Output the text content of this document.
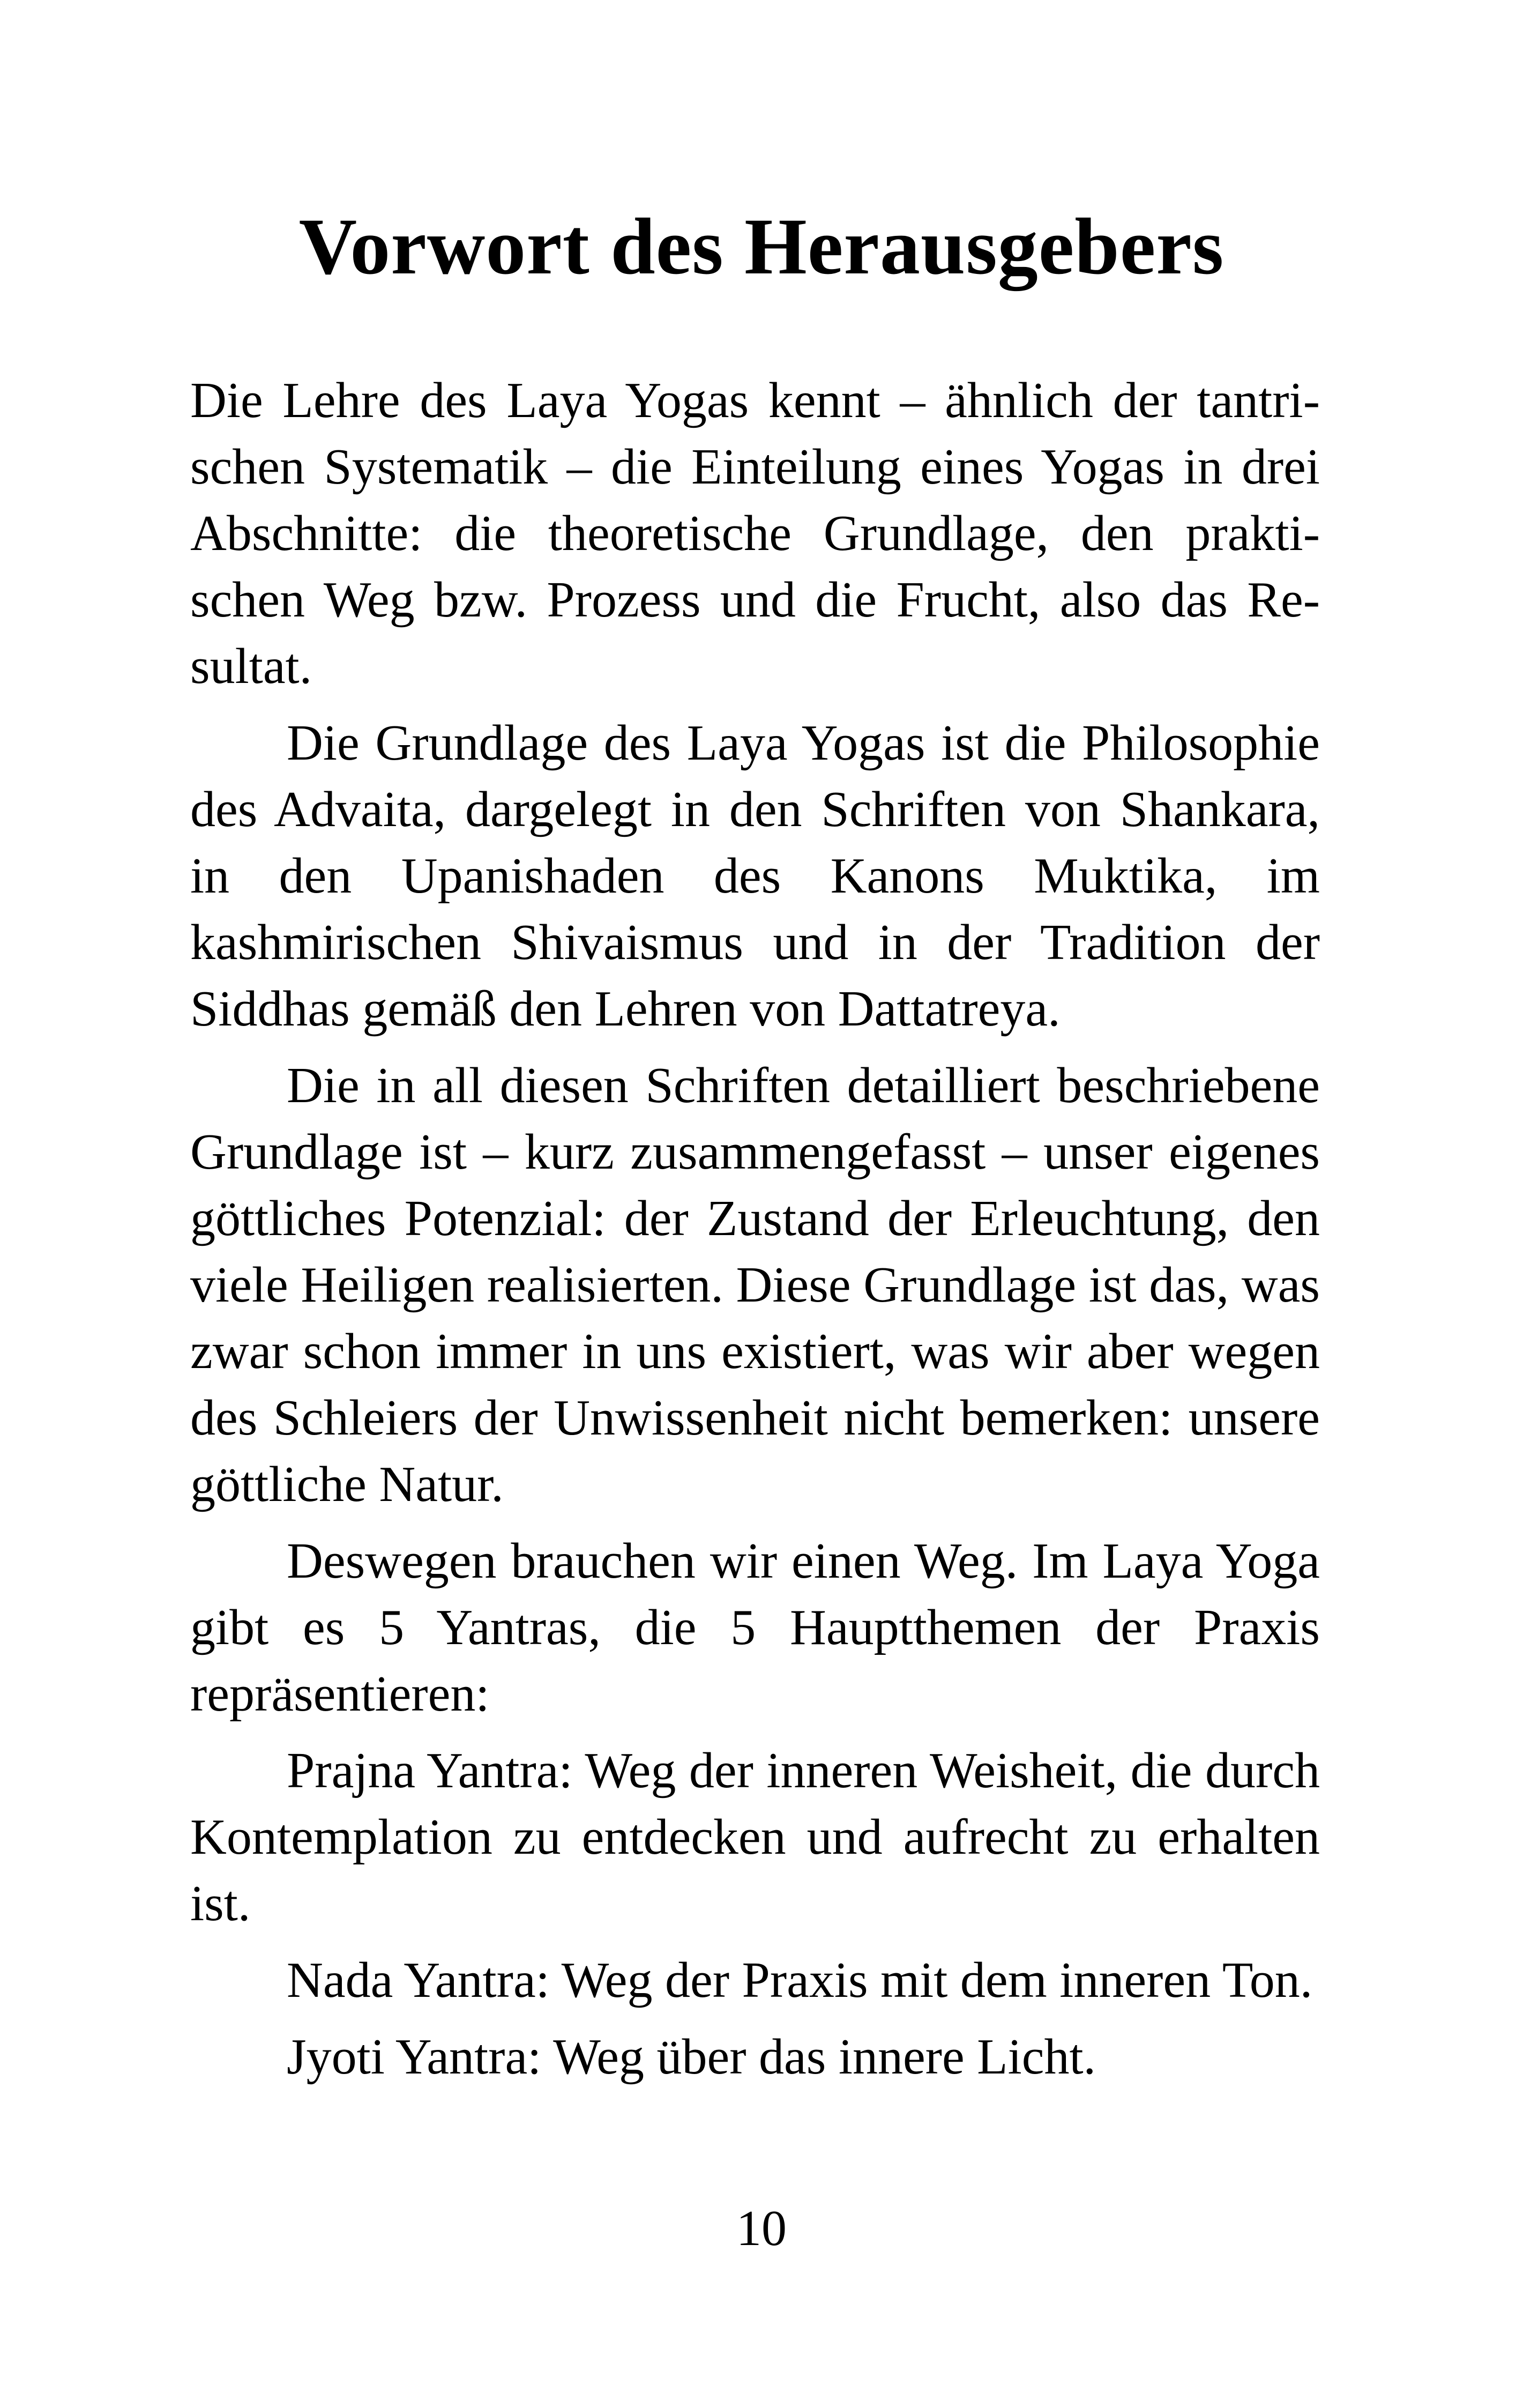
Vorwort des Herausgebers

Die Lehre des Laya Yogas kennt – ähnlich der tantrischen Systematik – die Einteilung eines Yogas in drei Abschnitte: die theoretische Grundlage, den praktischen Weg bzw. Prozess und die Frucht, also das Resultat.

Die Grundlage des Laya Yogas ist die Philosophie des Advaita, dargelegt in den Schriften von Shankara, in den Upanishaden des Kanons Muktika, im kashmirischen Shivaismus und in der Tradition der Siddhas gemäß den Lehren von Dattatreya.

Die in all diesen Schriften detailliert beschriebene Grundlage ist – kurz zusammengefasst – unser eigenes göttliches Potenzial: der Zustand der Erleuchtung, den viele Heiligen realisierten. Diese Grundlage ist das, was zwar schon immer in uns existiert, was wir aber wegen des Schleiers der Unwissenheit nicht bemerken: unsere göttliche Natur.

Deswegen brauchen wir einen Weg. Im Laya Yoga gibt es 5 Yantras, die 5 Hauptthemen der Praxis repräsentieren:

Prajna Yantra: Weg der inneren Weisheit, die durch Kontemplation zu entdecken und aufrecht zu erhalten ist.

Nada Yantra: Weg der Praxis mit dem inneren Ton.

Jyoti Yantra: Weg über das innere Licht.

10
